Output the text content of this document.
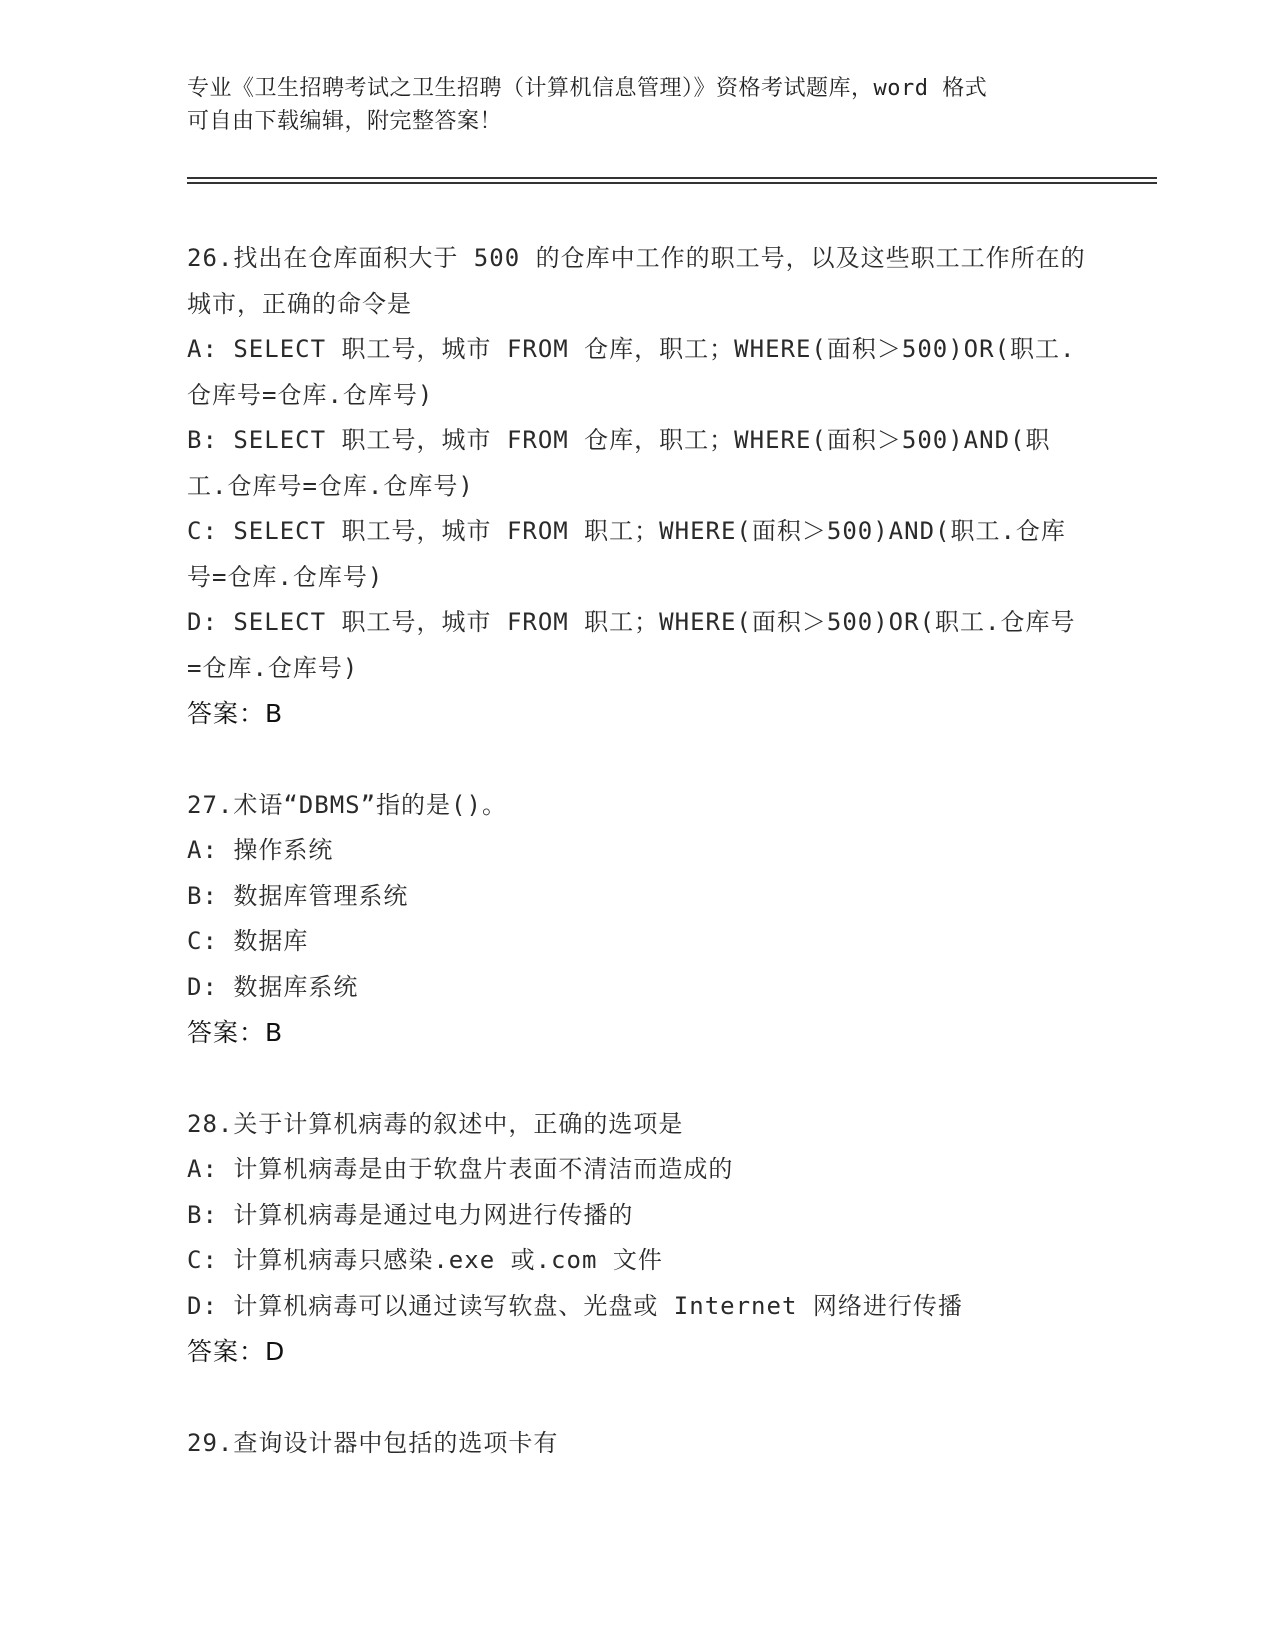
专业《卫生招聘考试之卫生招聘（计算机信息管理）》资格考试题库，word 格式
可自由下载编辑，附完整答案！

26.找出在仓库面积大于 500 的仓库中工作的职工号，以及这些职工工作所在的城市，正确的命令是

A: SELECT 职工号，城市 FROM 仓库，职工；WHERE(面积＞500)OR(职工.仓库号=仓库.仓库号)

B: SELECT 职工号，城市 FROM 仓库，职工；WHERE(面积＞500)AND(职工.仓库号=仓库.仓库号)

C: SELECT 职工号，城市 FROM 职工；WHERE(面积＞500)AND(职工.仓库号=仓库.仓库号)

D: SELECT 职工号，城市 FROM 职工；WHERE(面积＞500)OR(职工.仓库号=仓库.仓库号)

答案：B

27.术语“DBMS”指的是()。

A: 操作系统

B: 数据库管理系统

C: 数据库

D: 数据库系统

答案：B

28.关于计算机病毒的叙述中，正确的选项是

A: 计算机病毒是由于软盘片表面不清洁而造成的

B: 计算机病毒是通过电力网进行传播的

C: 计算机病毒只感染.exe 或.com 文件

D: 计算机病毒可以通过读写软盘、光盘或 Internet 网络进行传播

答案：D

29.查询设计器中包括的选项卡有
